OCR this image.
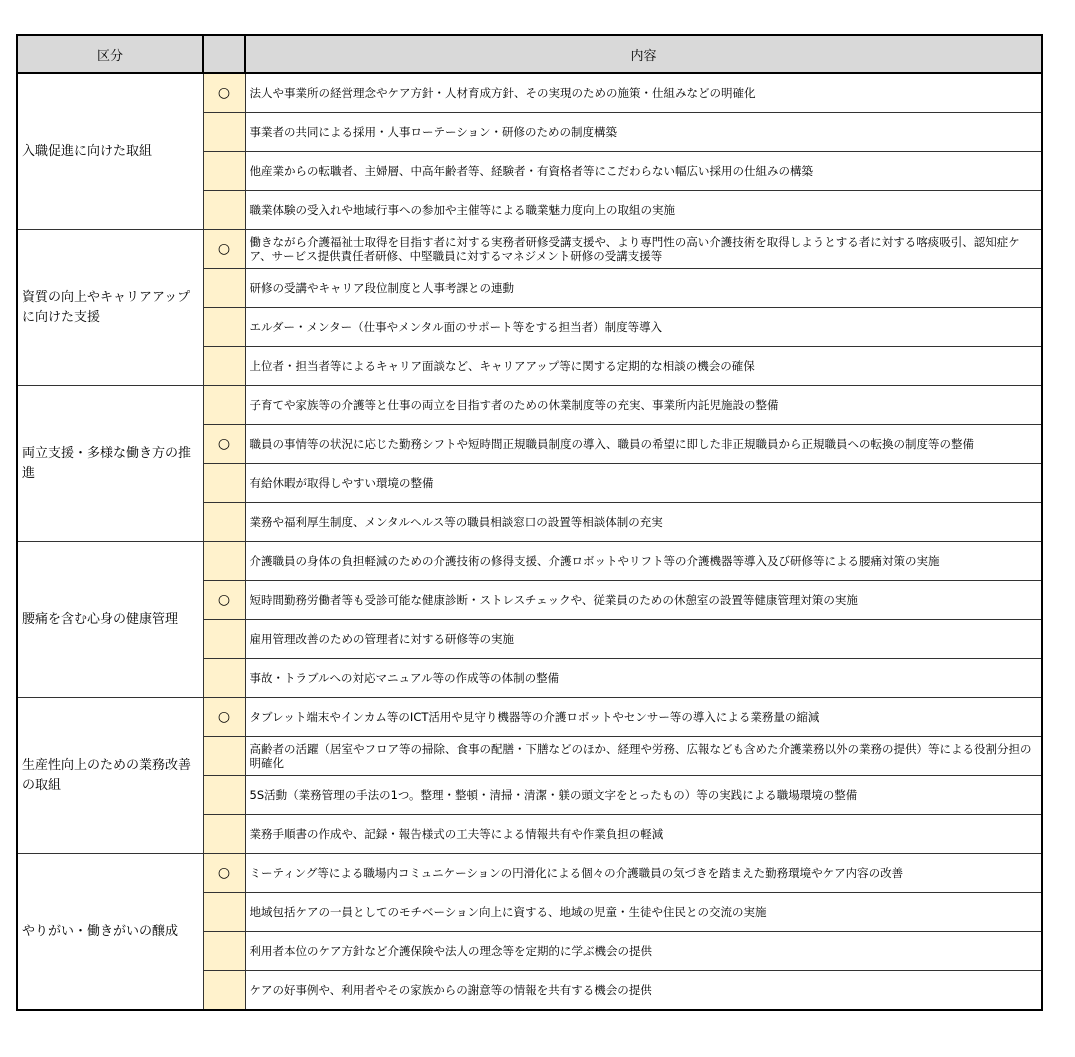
区分		内容
入職促進に向けた取組	○	法人や事業所の経営理念やケア方針・人材育成方針、その実現のための施策・仕組みなどの明確化
		事業者の共同による採用・人事ローテーション・研修のための制度構築
		他産業からの転職者、主婦層、中高年齢者等、経験者・有資格者等にこだわらない幅広い採用の仕組みの構築
		職業体験の受入れや地域行事への参加や主催等による職業魅力度向上の取組の実施
資質の向上やキャリアアップに向けた支援	○	働きながら介護福祉士取得を目指す者に対する実務者研修受講支援や、より専門性の高い介護技術を取得しようとする者に対する喀痰吸引、認知症ケア、サービス提供責任者研修、中堅職員に対するマネジメント研修の受講支援等
		研修の受講やキャリア段位制度と人事考課との連動
		エルダー・メンター（仕事やメンタル面のサポート等をする担当者）制度等導入
		上位者・担当者等によるキャリア面談など、キャリアアップ等に関する定期的な相談の機会の確保
両立支援・多様な働き方の推進		子育てや家族等の介護等と仕事の両立を目指す者のための休業制度等の充実、事業所内託児施設の整備
	○	職員の事情等の状況に応じた勤務シフトや短時間正規職員制度の導入、職員の希望に即した非正規職員から正規職員への転換の制度等の整備
		有給休暇が取得しやすい環境の整備
		業務や福利厚生制度、メンタルヘルス等の職員相談窓口の設置等相談体制の充実
腰痛を含む心身の健康管理		介護職員の身体の負担軽減のための介護技術の修得支援、介護ロボットやリフト等の介護機器等導入及び研修等による腰痛対策の実施
	○	短時間勤務労働者等も受診可能な健康診断・ストレスチェックや、従業員のための休憩室の設置等健康管理対策の実施
		雇用管理改善のための管理者に対する研修等の実施
		事故・トラブルへの対応マニュアル等の作成等の体制の整備
生産性向上のための業務改善の取組	○	タブレット端末やインカム等のICT活用や見守り機器等の介護ロボットやセンサー等の導入による業務量の縮減
		高齢者の活躍（居室やフロア等の掃除、食事の配膳・下膳などのほか、経理や労務、広報なども含めた介護業務以外の業務の提供）等による役割分担の明確化
		5S活動（業務管理の手法の1つ。整理・整頓・清掃・清潔・躾の頭文字をとったもの）等の実践による職場環境の整備
		業務手順書の作成や、記録・報告様式の工夫等による情報共有や作業負担の軽減
やりがい・働きがいの醸成	○	ミーティング等による職場内コミュニケーションの円滑化による個々の介護職員の気づきを踏まえた勤務環境やケア内容の改善
		地域包括ケアの一員としてのモチベーション向上に資する、地域の児童・生徒や住民との交流の実施
		利用者本位のケア方針など介護保険や法人の理念等を定期的に学ぶ機会の提供
		ケアの好事例や、利用者やその家族からの謝意等の情報を共有する機会の提供
